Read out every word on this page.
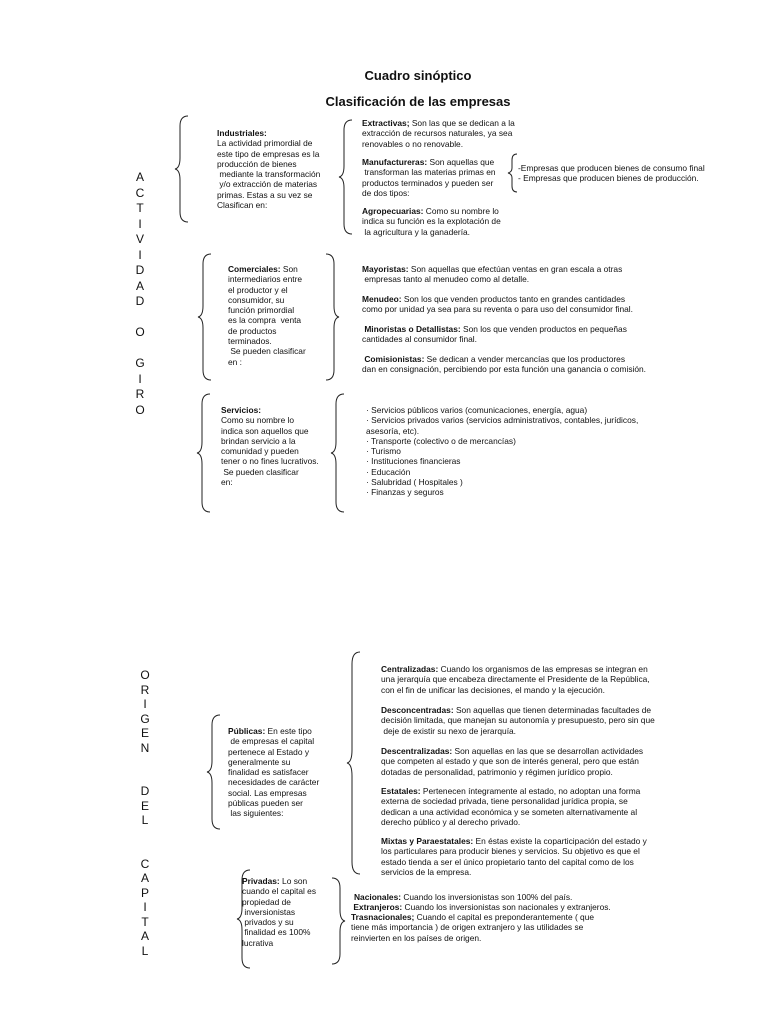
Cuadro sinóptico
Clasificación de las empresas
A
C
T
I
V
I
D
A
D

O

G
I
R
O
O
R
I
G
E
N

D
E
L

C
A
P
I
T
A
L
Industriales:
La actividad primordial de
este tipo de empresas es la
producción de bienes
mediante la transformación
y/o extracción de materias
primas. Estas a su vez se
Clasifican en:
Extractivas; Son las que se dedican a la
extracción de recursos naturales, ya sea
renovables o no renovable.
Manufactureras: Son aquellas que
transforman las materias primas en
productos terminados y pueden ser
de dos tipos:
Agropecuarias: Como su nombre lo
indica su función es la explotación de
la agricultura y la ganadería.
-Empresas que producen bienes de consumo final
- Empresas que producen bienes de producción.
Comerciales: Son
intermediarios entre
el productor y el
consumidor, su
función primordial
es la compra  venta
de productos
terminados.
Se pueden clasificar
en :
Mayoristas: Son aquellas que efectúan ventas en gran escala a otras
empresas tanto al menudeo como al detalle.
Menudeo: Son los que venden productos tanto en grandes cantidades
como por unidad ya sea para su reventa o para uso del consumidor final.
Minoristas o Detallistas: Son los que venden productos en pequeñas
cantidades al consumidor final.
Comisionistas: Se dedican a vender mercancías que los productores
dan en consignación, percibiendo por esta función una ganancia o comisión.
Servicios:
Como su nombre lo
indica son aquellos que
brindan servicio a la
comunidad y pueden
tener o no fines lucrativos.
Se pueden clasificar
en:
· Servicios públicos varios (comunicaciones, energía, agua)
· Servicios privados varios (servicios administrativos, contables, jurídicos,
asesoría, etc).
· Transporte (colectivo o de mercancías)
· Turismo
· Instituciones financieras
· Educación
· Salubridad ( Hospitales )
· Finanzas y seguros
Públicas: En este tipo
de empresas el capital
pertenece al Estado y
generalmente su
finalidad es satisfacer
necesidades de carácter
social. Las empresas
públicas pueden ser
las siguientes:
Centralizadas: Cuando los organismos de las empresas se integran en
una jerarquía que encabeza directamente el Presidente de la República,
con el fin de unificar las decisiones, el mando y la ejecución.
Desconcentradas: Son aquellas que tienen determinadas facultades de
decisión limitada, que manejan su autonomía y presupuesto, pero sin que
deje de existir su nexo de jerarquía.
Descentralizadas: Son aquellas en las que se desarrollan actividades
que competen al estado y que son de interés general, pero que están
dotadas de personalidad, patrimonio y régimen jurídico propio.
Estatales: Pertenecen íntegramente al estado, no adoptan una forma
externa de sociedad privada, tiene personalidad jurídica propia, se
dedican a una actividad económica y se someten alternativamente al
derecho público y al derecho privado.
Mixtas y Paraestatales: En éstas existe la coparticipación del estado y
los particulares para producir bienes y servicios. Su objetivo es que el
estado tienda a ser el único propietario tanto del capital como de los
servicios de la empresa.
Privadas: Lo son
cuando el capital es
propiedad de
inversionistas
privados y su
finalidad es 100%
lucrativa
Nacionales: Cuando los inversionistas son 100% del país.
Extranjeros: Cuando los inversionistas son nacionales y extranjeros.
Trasnacionales; Cuando el capital es preponderantemente ( que
tiene más importancia ) de origen extranjero y las utilidades se
reinvierten en los países de origen.
